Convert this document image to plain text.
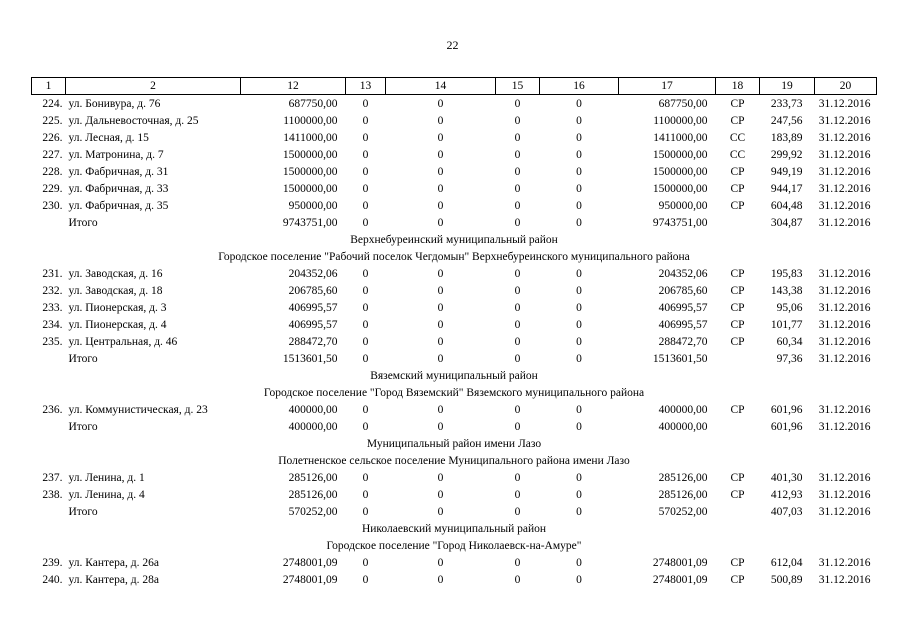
22
1	2	12	13	14	15	16	17	18	19	20
224.	ул. Бонивура, д. 76	687750,00	0	0	0	0	687750,00	СР	233,73	31.12.2016
225.	ул. Дальневосточная, д. 25	1100000,00	0	0	0	0	1100000,00	СР	247,56	31.12.2016
226.	ул. Лесная, д. 15	1411000,00	0	0	0	0	1411000,00	СС	183,89	31.12.2016
227.	ул. Матронина, д. 7	1500000,00	0	0	0	0	1500000,00	СС	299,92	31.12.2016
228.	ул. Фабричная, д. 31	1500000,00	0	0	0	0	1500000,00	СР	949,19	31.12.2016
229.	ул. Фабричная, д. 33	1500000,00	0	0	0	0	1500000,00	СР	944,17	31.12.2016
230.	ул. Фабричная, д. 35	950000,00	0	0	0	0	950000,00	СР	604,48	31.12.2016
	Итого	9743751,00	0	0	0	0	9743751,00		304,87	31.12.2016
Верхнебуреинский муниципальный район										
Городское поселение "Рабочий поселок Чегдомын" Верхнебуреинского муниципального района										
231.	ул. Заводская, д. 16	204352,06	0	0	0	0	204352,06	СР	195,83	31.12.2016
232.	ул. Заводская, д. 18	206785,60	0	0	0	0	206785,60	СР	143,38	31.12.2016
233.	ул. Пионерская, д. 3	406995,57	0	0	0	0	406995,57	СР	95,06	31.12.2016
234.	ул. Пионерская, д. 4	406995,57	0	0	0	0	406995,57	СР	101,77	31.12.2016
235.	ул. Центральная, д. 46	288472,70	0	0	0	0	288472,70	СР	60,34	31.12.2016
	Итого	1513601,50	0	0	0	0	1513601,50		97,36	31.12.2016
Вяземский муниципальный район										
Городское поселение "Город Вяземский" Вяземского муниципального района										
236.	ул. Коммунистическая, д. 23	400000,00	0	0	0	0	400000,00	СР	601,96	31.12.2016
	Итого	400000,00	0	0	0	0	400000,00		601,96	31.12.2016
Муниципальный район имени Лазо										
Полетненское сельское поселение Муниципального района имени Лазо										
237.	ул. Ленина, д. 1	285126,00	0	0	0	0	285126,00	СР	401,30	31.12.2016
238.	ул. Ленина, д. 4	285126,00	0	0	0	0	285126,00	СР	412,93	31.12.2016
	Итого	570252,00	0	0	0	0	570252,00		407,03	31.12.2016
Николаевский муниципальный район										
Городское поселение "Город Николаевск-на-Амуре"										
239.	ул. Кантера, д. 26а	2748001,09	0	0	0	0	2748001,09	СР	612,04	31.12.2016
240.	ул. Кантера, д. 28а	2748001,09	0	0	0	0	2748001,09	СР	500,89	31.12.2016
